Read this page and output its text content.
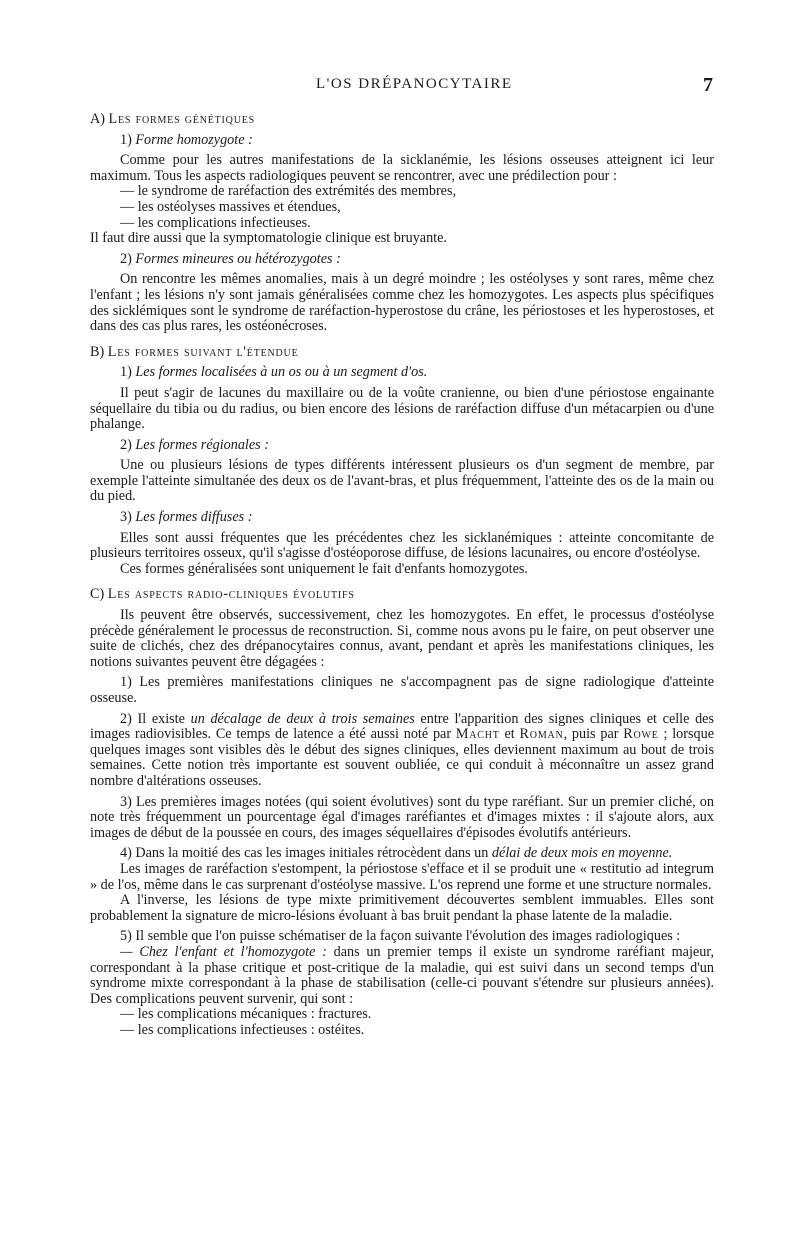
L'OS DRÉPANOCYTAIRE	7

A) Les formes génétiques

1) Forme homozygote :

Comme pour les autres manifestations de la sicklanémie, les lésions osseuses atteignent ici leur maximum. Tous les aspects radiologiques peuvent se rencontrer, avec une prédilection pour :

— le syndrome de raréfaction des extrémités des membres,

— les ostéolyses massives et étendues,

— les complications infectieuses.

Il faut dire aussi que la symptomatologie clinique est bruyante.

2) Formes mineures ou hétérozygotes :

On rencontre les mêmes anomalies, mais à un degré moindre ; les ostéolyses y sont rares, même chez l'enfant ; les lésions n'y sont jamais généralisées comme chez les homozygotes. Les aspects plus spécifiques des sicklémiques sont le syndrome de raréfaction-hyperostose du crâne, les périostoses et les hyperostoses, et dans des cas plus rares, les ostéonécroses.

B) Les formes suivant l'étendue

1) Les formes localisées à un os ou à un segment d'os.

Il peut s'agir de lacunes du maxillaire ou de la voûte cranienne, ou bien d'une périostose engainante séquellaire du tibia ou du radius, ou bien encore des lésions de raréfaction diffuse d'un métacarpien ou d'une phalange.

2) Les formes régionales :

Une ou plusieurs lésions de types différents intéressent plusieurs os d'un segment de membre, par exemple l'atteinte simultanée des deux os de l'avant-bras, et plus fréquemment, l'atteinte des os de la main ou du pied.

3) Les formes diffuses :

Elles sont aussi fréquentes que les précédentes chez les sicklanémiques : atteinte concomitante de plusieurs territoires osseux, qu'il s'agisse d'ostéoporose diffuse, de lésions lacunaires, ou encore d'ostéolyse.

Ces formes généralisées sont uniquement le fait d'enfants homozygotes.

C) Les aspects radio-cliniques évolutifs

Ils peuvent être observés, successivement, chez les homozygotes. En effet, le processus d'ostéolyse précède généralement le processus de reconstruction. Si, comme nous avons pu le faire, on peut observer une suite de clichés, chez des drépanocytaires connus, avant, pendant et après les manifestations cliniques, les notions suivantes peuvent être dégagées :

1) Les premières manifestations cliniques ne s'accompagnent pas de signe radiologique d'atteinte osseuse.

2) Il existe un décalage de deux à trois semaines entre l'apparition des signes cliniques et celle des images radiovisibles. Ce temps de latence a été aussi noté par Macht et Roman, puis par Rowe ; lorsque quelques images sont visibles dès le début des signes cliniques, elles deviennent maximum au bout de trois semaines. Cette notion très importante est souvent oubliée, ce qui conduit à méconnaître un assez grand nombre d'altérations osseuses.

3) Les premières images notées (qui soient évolutives) sont du type raréfiant. Sur un premier cliché, on note très fréquemment un pourcentage égal d'images raréfiantes et d'images mixtes : il s'ajoute alors, aux images de début de la poussée en cours, des images séquellaires d'épisodes évolutifs antérieurs.

4) Dans la moitié des cas les images initiales rétrocèdent dans un délai de deux mois en moyenne.

Les images de raréfaction s'estompent, la périostose s'efface et il se produit une « restitutio ad integrum » de l'os, même dans le cas surprenant d'ostéolyse massive. L'os reprend une forme et une structure normales.

A l'inverse, les lésions de type mixte primitivement découvertes semblent immuables. Elles sont probablement la signature de micro-lésions évoluant à bas bruit pendant la phase latente de la maladie.

5) Il semble que l'on puisse schématiser de la façon suivante l'évolution des images radiologiques :

— Chez l'enfant et l'homozygote : dans un premier temps il existe un syndrome raréfiant majeur, correspondant à la phase critique et post-critique de la maladie, qui est suivi dans un second temps d'un syndrome mixte correspondant à la phase de stabilisation (celle-ci pouvant s'étendre sur plusieurs années). Des complications peuvent survenir, qui sont :

— les complications mécaniques : fractures.

— les complications infectieuses : ostéites.
